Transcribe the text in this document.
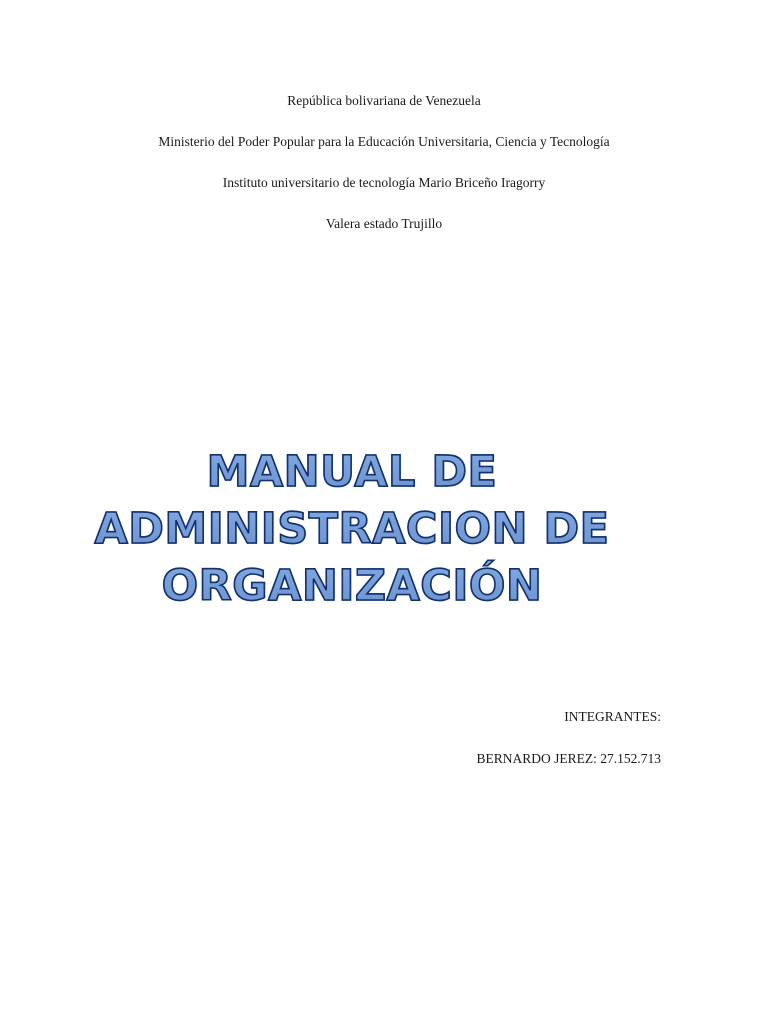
República bolivariana de Venezuela
Ministerio del Poder Popular para la Educación Universitaria, Ciencia y Tecnología
Instituto universitario de tecnología Mario Briceño Iragorry
Valera estado Trujillo
MANUAL DE
ADMINISTRACION DE
ORGANIZACIÓN
INTEGRANTES:
BERNARDO JEREZ: 27.152.713
